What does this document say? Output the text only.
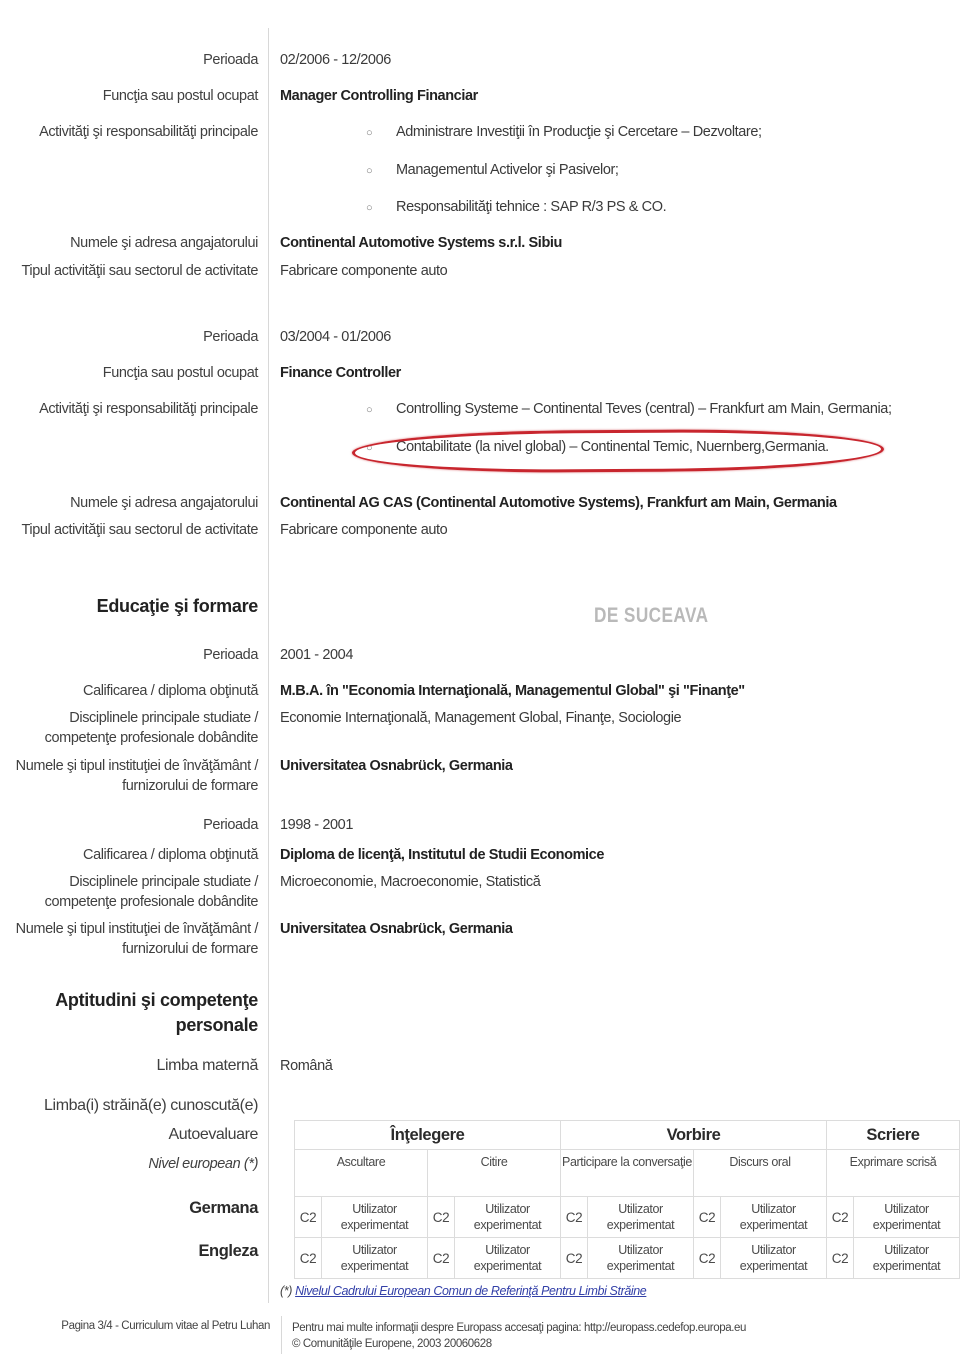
Perioada 02/2006 - 12/2006
Funcţia sau postul ocupat Manager Controlling Financiar
Activităţi şi responsabilităţi principale	○ Administrare Investiţii în Producţie şi Cercetare – Dezvoltare;
○ Managementul Activelor şi Pasivelor;
○ Responsabilităţi tehnice : SAP R/3 PS & CO.
Numele şi adresa angajatorului Continental Automotive Systems s.r.l. Sibiu
Tipul activităţii sau sectorul de activitate Fabricare componente auto
Perioada 03/2004 - 01/2006
Funcţia sau postul ocupat Finance Controller
Activităţi şi responsabilităţi principale	○ Controlling Systeme – Continental Teves (central) – Frankfurt am Main, Germania;
○ Contabilitate (la nivel global) – Continental Temic, Nuernberg,Germania.
Numele şi adresa angajatorului Continental AG CAS (Continental Automotive Systems), Frankfurt am Main, Germania
Tipul activităţii sau sectorul de activitate Fabricare componente auto
Educaţie şi formare	DE SUCEAVA
Perioada 2001 - 2004
Calificarea / diploma obţinută M.B.A. în "Economia Internaţională, Managementul Global" şi "Finanţe"
Disciplinele principale studiate / competenţe profesionale dobândite
Economie Internaţională, Management Global, Finanţe, Sociologie
Numele şi tipul instituţiei de învăţământ / furnizorului de formare
Universitatea Osnabrück, Germania
Perioada 1998 - 2001
Calificarea / diploma obţinută Diploma de licenţă, Institutul de Studii Economice
Disciplinele principale studiate / competenţe profesionale dobândite
Microeconomie, Macroeconomie, Statistică
Numele şi tipul instituţiei de învăţământ / furnizorului de formare
Universitatea Osnabrück, Germania
Aptitudini şi competenţe
personale
Limba maternă Română
Limba(i) străină(e) cunoscută(e)
Autoevaluare
Nivel european (*)
Germana
Engleza
Înţelegere				Vorbire				Scriere	
Ascultare		Citire		Participare la conversaţie		Discurs oral		Exprimare scrisă	
C2	Utilizator experimentat	C2	Utilizator experimentat	C2	Utilizator experimentat	C2	Utilizator experimentat	C2	Utilizator experimentat
C2	Utilizator experimentat	C2	Utilizator experimentat	C2	Utilizator experimentat	C2	Utilizator experimentat	C2	Utilizator experimentat
(*) Nivelul Cadrului European Comun de Referinţă Pentru Limbi Străine
Pagina 3/4 - Curriculum vitae al Petru Luhan Pentru mai multe informaţii despre Europass accesaţi pagina: http://europass.cedefop.europa.eu
© Comunităţile Europene, 2003 20060628
